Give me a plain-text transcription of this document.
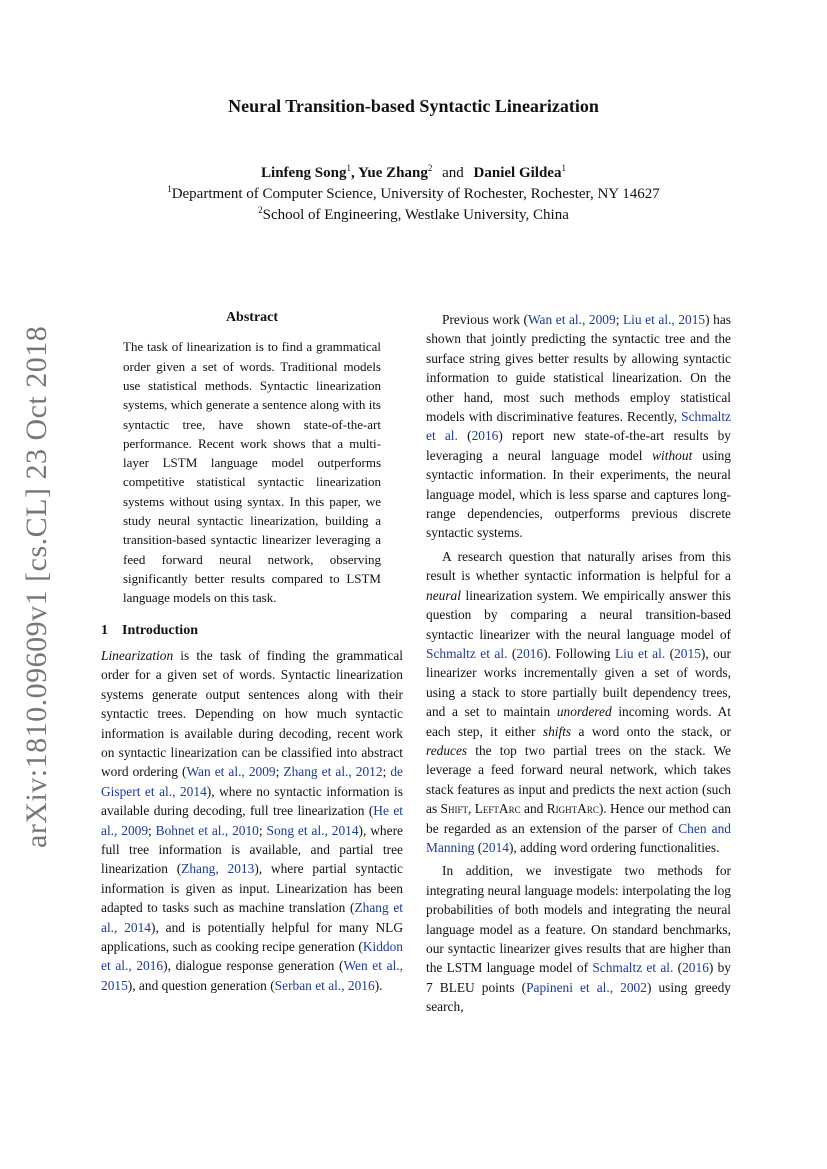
Neural Transition-based Syntactic Linearization
Linfeng Song$^1$, Yue Zhang$^2$ and Daniel Gildea$^1$
$^1$Department of Computer Science, University of Rochester, Rochester, NY 14627
$^2$School of Engineering, Westlake University, China
arXiv:1810.09609v1 [cs.CL] 23 Oct 2018
Abstract

The task of linearization is to find a grammatical order given a set of words. Traditional models use statistical methods. Syntactic linearization systems, which generate a sentence along with its syntactic tree, have shown state-of-the-art performance. Recent work shows that a multi-layer LSTM language model outperforms competitive statistical syntactic linearization systems without using syntax. In this paper, we study neural syntactic linearization, building a transition-based syntactic linearizer leveraging a feed forward neural network, observing significantly better results compared to LSTM language models on this task.

1 Introduction

Linearization is the task of finding the grammatical order for a given set of words. Syntactic linearization systems generate output sentences along with their syntactic trees. Depending on how much syntactic information is available during decoding, recent work on syntactic linearization can be classified into abstract word ordering (Wan et al., 2009; Zhang et al., 2012; de Gispert et al., 2014), where no syntactic information is available during decoding, full tree linearization (He et al., 2009; Bohnet et al., 2010; Song et al., 2014), where full tree information is available, and partial tree linearization (Zhang, 2013), where partial syntactic information is given as input. Linearization has been adapted to tasks such as machine translation (Zhang et al., 2014), and is potentially helpful for many NLG applications, such as cooking recipe generation (Kiddon et al., 2016), dialogue response generation (Wen et al., 2015), and question generation (Serban et al., 2016).

Previous work (Wan et al., 2009; Liu et al., 2015) has shown that jointly predicting the syntactic tree and the surface string gives better results by allowing syntactic information to guide statistical linearization. On the other hand, most such methods employ statistical models with discriminative features. Recently, Schmaltz et al. (2016) report new state-of-the-art results by leveraging a neural language model without using syntactic information. In their experiments, the neural language model, which is less sparse and captures long-range dependencies, outperforms previous discrete syntactic systems.

A research question that naturally arises from this result is whether syntactic information is helpful for a neural linearization system. We empirically answer this question by comparing a neural transition-based syntactic linearizer with the neural language model of Schmaltz et al. (2016). Following Liu et al. (2015), our linearizer works incrementally given a set of words, using a stack to store partially built dependency trees, and a set to maintain unordered incoming words. At each step, it either shifts a word onto the stack, or reduces the top two partial trees on the stack. We leverage a feed forward neural network, which takes stack features as input and predicts the next action (such as Shift, LeftArc and RightArc). Hence our method can be regarded as an extension of the parser of Chen and Manning (2014), adding word ordering functionalities.

In addition, we investigate two methods for integrating neural language models: interpolating the log probabilities of both models and integrating the neural language model as a feature. On standard benchmarks, our syntactic linearizer gives results that are higher than the LSTM language model of Schmaltz et al. (2016) by 7 BLEU points (Papineni et al., 2002) using greedy search,
